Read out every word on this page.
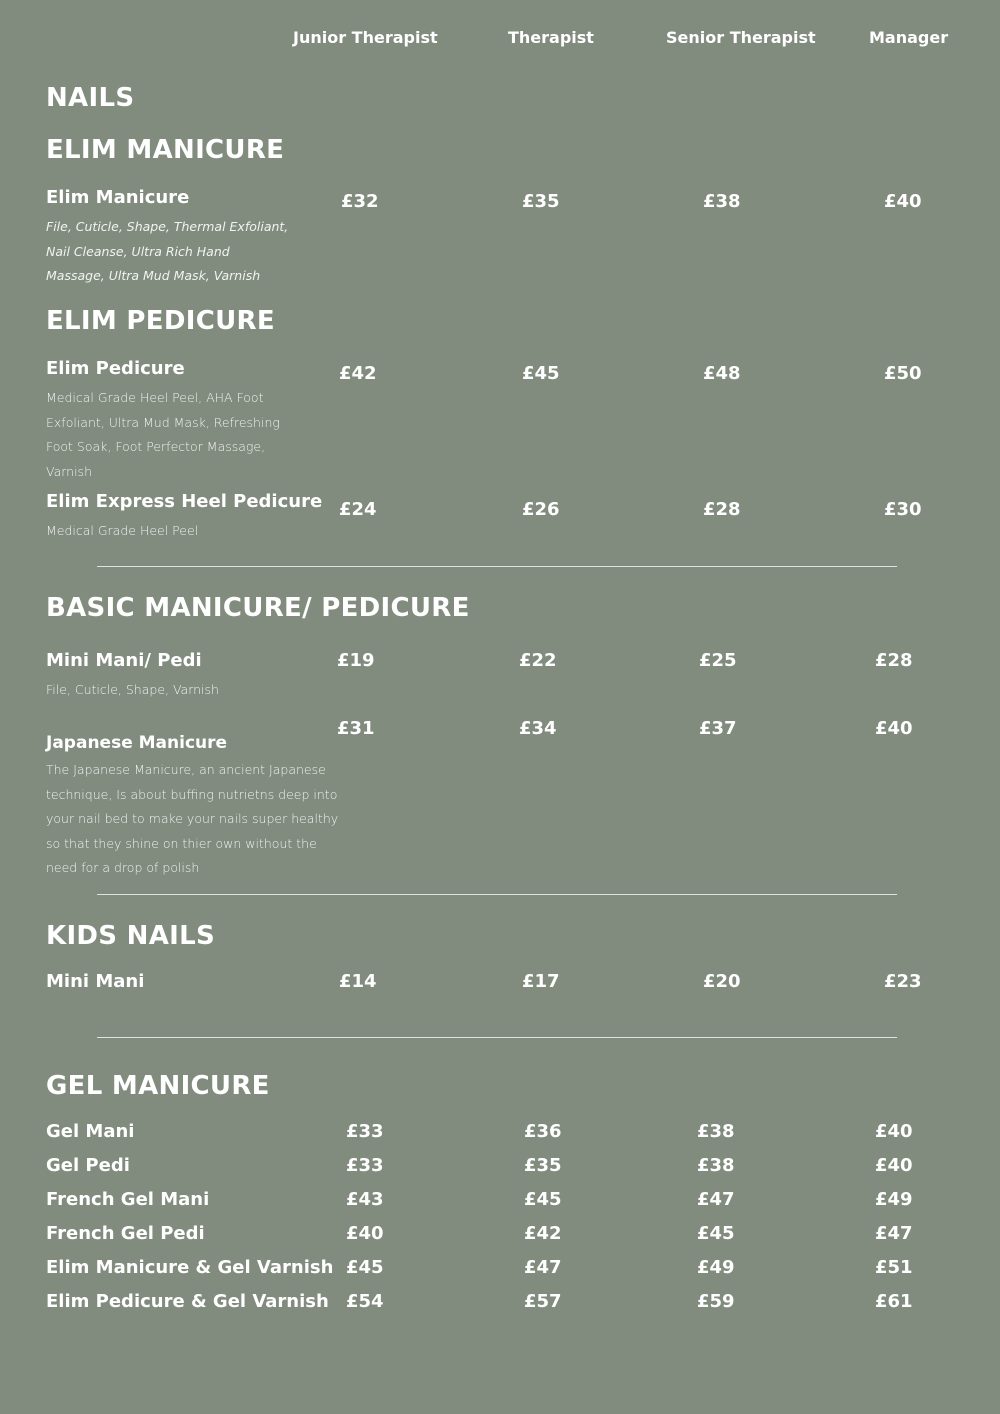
Junior Therapist	Therapist	Senior Therapist	Manager
NAILS
ELIM MANICURE
Elim Manicure
File, Cuticle, Shape, Thermal Exfoliant, Nail Cleanse, Ultra Rich Hand Massage, Ultra Mud Mask, Varnish
£32	£35	£38	£40
ELIM PEDICURE
Elim Pedicure
Medical Grade Heel Peel, AHA Foot Exfoliant, Ultra Mud Mask, Refreshing Foot Soak, Foot Perfector Massage, Varnish
£42	£45	£48	£50
Elim Express Heel Pedicure
Medical Grade Heel Peel
£24	£26	£28	£30
BASIC MANICURE/ PEDICURE
Mini Mani/ Pedi
File, Cuticle, Shape, Varnish
£19	£22	£25	£28
Japanese Manicure
The Japanese Manicure, an ancient Japanese technique, Is about buffing nutrietns deep into your nail bed to make your nails super healthy so that they shine on thier own without the need for a drop of polish
£31	£34	£37	£40
KIDS NAILS
Mini Mani	£14	£17	£20	£23
GEL MANICURE
Gel Mani	£33	£36	£38	£40
Gel Pedi	£33	£35	£38	£40
French Gel Mani	£43	£45	£47	£49
French Gel Pedi	£40	£42	£45	£47
Elim Manicure & Gel Varnish £45	£47	£49	£51
Elim Pedicure & Gel Varnish £54	£57	£59	£61
